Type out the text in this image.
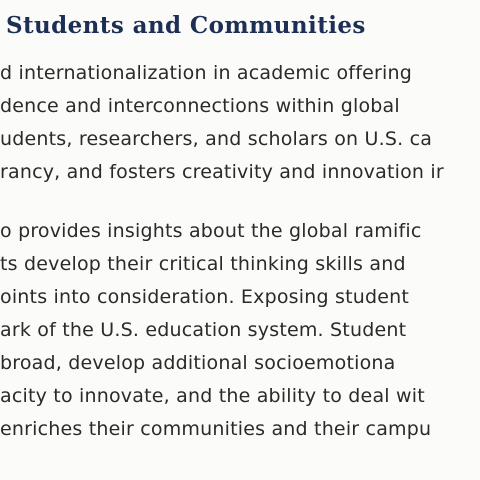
Students and Communities
d internationalization in academic offering
dence and interconnections within global
udents, researchers, and scholars on U.S. ca
rancy, and fosters creativity and innovation ir
o provides insights about the global ramific
ts develop their critical thinking skills and
oints into consideration. Exposing student
ark of the U.S. education system. Student
broad, develop additional socioemotiona
acity to innovate, and the ability to deal wit
enriches their communities and their campu
